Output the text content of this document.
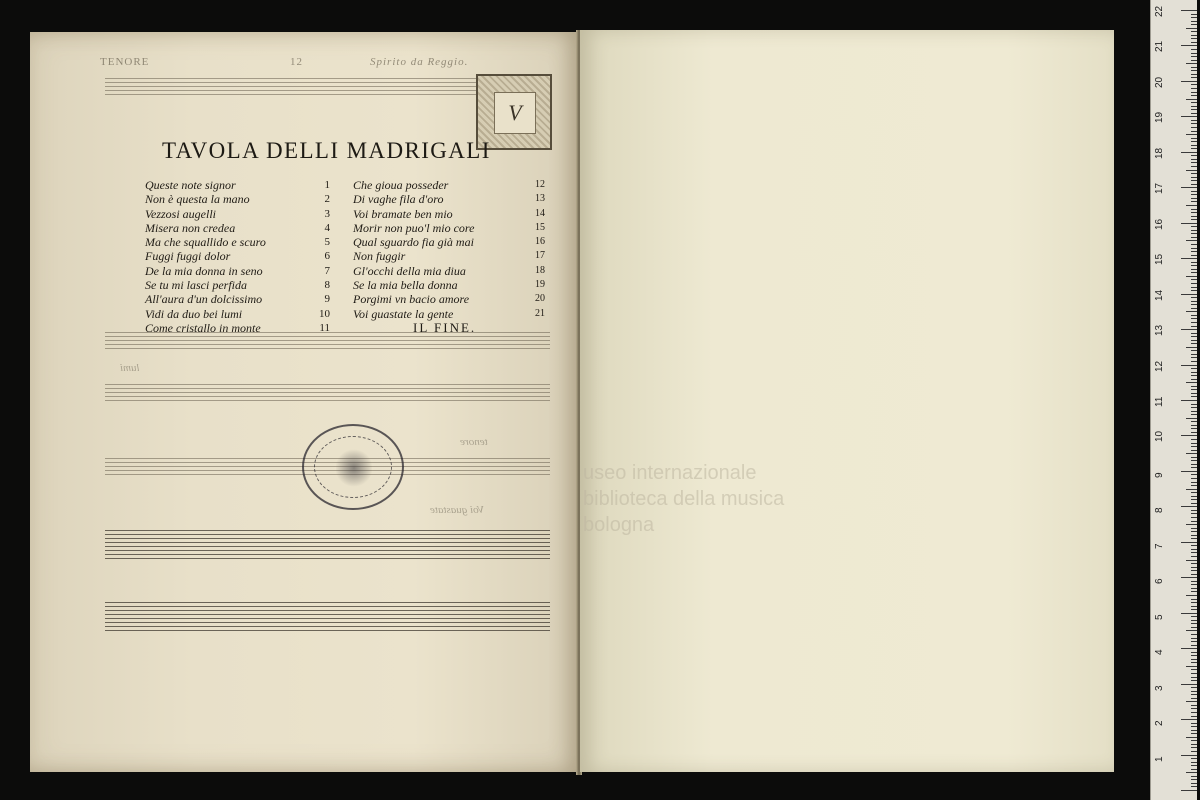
TENORE	12	Spirito da Reggio.
tenore
lumi
Voi guastate
V
TAVOLA DELLI MADRIGALI
Queste note signor	1
Non è questa la mano	2
Vezzosi augelli	3
Misera non credea	4
Ma che squallido e scuro	5
Fuggi fuggi dolor	6
De la mia donna in seno	7
Se tu mi lasci perfida	8
All'aura d'un dolcissimo	9
Vidi da duo bei lumi	10
Come cristallo in monte	11
Che gioua posseder	12
Di vaghe fila d'oro	13
Voi bramate ben mio	14
Morir non puo'l mio core	15
Qual sguardo fia già mai	16
Non fuggir	17
Gl'occhi della mia diua	18
Se la mia bella donna	19
Porgimi vn bacio amore	20
Voi guastate la gente	21
IL FINE.
useo internazionale
biblioteca della musica
bologna
1
2
3
4
5
6
7
8
9
10
11
12
13
14
15
16
17
18
19
20
21
22
